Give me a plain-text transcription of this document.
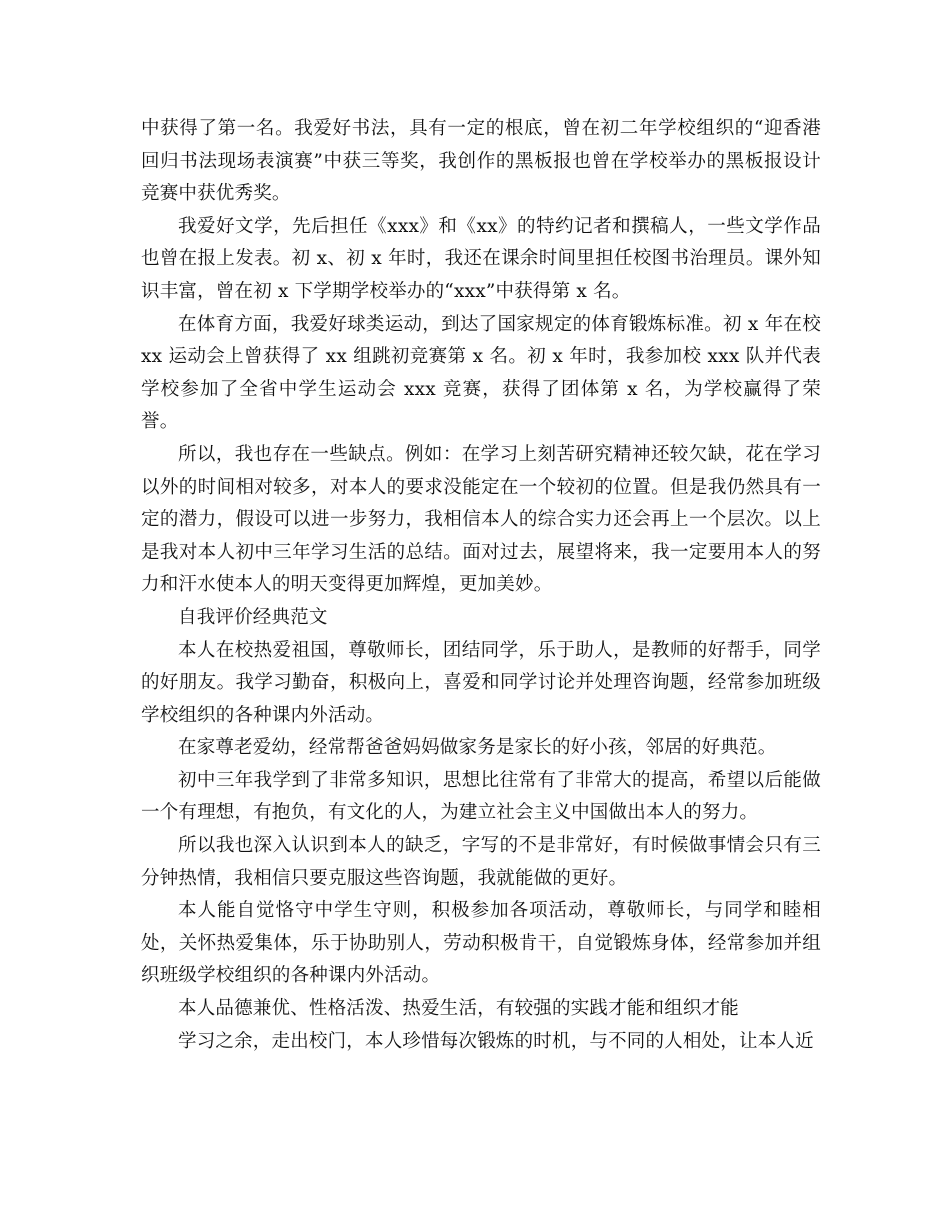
中获得了第一名。我爱好书法，具有一定的根底，曾在初二年学校组织的“迎香港回归书法现场表演赛”中获三等奖，我创作的黑板报也曾在学校举办的黑板报设计竞赛中获优秀奖。

我爱好文学，先后担任《xxx》和《xx》的特约记者和撰稿人，一些文学作品也曾在报上发表。初 x、初 x 年时，我还在课余时间里担任校图书治理员。课外知识丰富，曾在初 x 下学期学校举办的“xxx”中获得第 x 名。

在体育方面，我爱好球类运动，到达了国家规定的体育锻炼标准。初 x 年在校 xx 运动会上曾获得了 xx 组跳初竞赛第 x 名。初 x 年时，我参加校 xxx 队并代表学校参加了全省中学生运动会 xxx 竞赛，获得了团体第 x 名，为学校赢得了荣誉。

所以，我也存在一些缺点。例如：在学习上刻苦研究精神还较欠缺，花在学习以外的时间相对较多，对本人的要求没能定在一个较初的位置。但是我仍然具有一定的潜力，假设可以进一步努力，我相信本人的综合实力还会再上一个层次。以上是我对本人初中三年学习生活的总结。面对过去，展望将来，我一定要用本人的努力和汗水使本人的明天变得更加辉煌，更加美妙。

自我评价经典范文

本人在校热爱祖国，尊敬师长，团结同学，乐于助人，是教师的好帮手，同学的好朋友。我学习勤奋，积极向上，喜爱和同学讨论并处理咨询题，经常参加班级学校组织的各种课内外活动。

在家尊老爱幼，经常帮爸爸妈妈做家务是家长的好小孩，邻居的好典范。

初中三年我学到了非常多知识，思想比往常有了非常大的提高，希望以后能做一个有理想，有抱负，有文化的人，为建立社会主义中国做出本人的努力。

所以我也深入认识到本人的缺乏，字写的不是非常好，有时候做事情会只有三分钟热情，我相信只要克服这些咨询题，我就能做的更好。

本人能自觉恪守中学生守则，积极参加各项活动，尊敬师长，与同学和睦相处，关怀热爱集体，乐于协助别人，劳动积极肯干，自觉锻炼身体，经常参加并组织班级学校组织的各种课内外活动。

本人品德兼优、性格活泼、热爱生活，有较强的实践才能和组织才能

学习之余，走出校门，本人珍惜每次锻炼的时机，与不同的人相处，让本人近
